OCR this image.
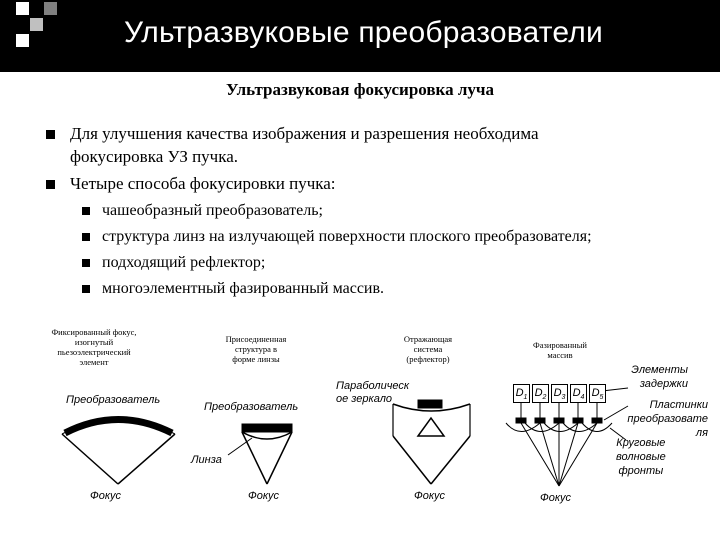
Ультразвуковые преобразователи
Ультразвуковая фокусировка луча
Для улучшения качества изображения и разрешения необходима
фокусировка УЗ пучка.
Четыре способа фокусировки пучка:
чашеобразный преобразователь;
структура линз на излучающей поверхности плоского преобразователя;
подходящий рефлектор;
многоэлементный фазированный массив.
Фиксированный фокус,
изогнутый
пьезоэлектрический
элемент
Преобразователь
Фокус
Присоединенная
структура в
форме линзы
Преобразователь
Линза
Фокус
Отражающая
система
(рефлектор)
Параболическ
ое зеркало
Фокус
Фазированный
массив
$D_1$ $D_2$ $D_3$ $D_4$ $D_5$
Элементы
задержки
Пластинки
преобразовате
ля
Круговые
волновые
фронты
Фокус
